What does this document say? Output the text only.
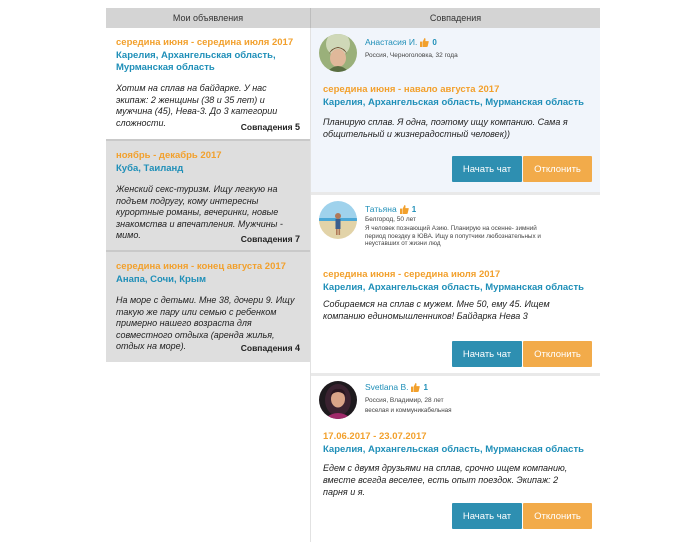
Мои объявления	Совпадения
середина июня - середина июля 2017
Карелия, Архангельская область, Мурманская область
Хотим на сплав на байдарке. У нас экипаж: 2 женщины (38 и 35 лет) и мужчина (45), Нева-3. До 3 категории сложности.	Совпадения 5
ноябрь - декабрь 2017
Куба, Таиланд
Женский секс-туризм. Ищу легкую на подъем подругу, кому интересны курортные романы, вечеринки, новые знакомства и впечатления. Мужчины - мимо.	Совпадения 7
середина июня - конец августа 2017
Анапа, Сочи, Крым
На море с детьми. Мне 38, дочери 9. Ищу такую же пару или семью с ребенком примерно нашего возраста для совместного отдыха (аренда жилья, отдых на море).	Совпадения 4
Анастасия И. 0
Россия, Черноголовка, 32 года
середина июня - навало августа 2017
Карелия, Архангельская область, Мурманская область
Планирую сплав. Я одна, поэтому ищу компанию. Сама я общительный и жизнерадостный человек))
Начать чат	Отклонить
Татьяна 1
Белгород, 50 лет
Я человек познающий Азию. Планирую на осенне- зимний период поездку в ЮВА. Ищу в попутчики любознательных и неуставших от жизни люд
середина июня - середина июля 2017
Карелия, Архангельская область, Мурманская область
Собираемся на сплав с мужем. Мне 50, ему 45. Ищем компанию единомышленников! Байдарка Нева 3
Начать чат	Отклонить
Svetlana B. 1
Россия, Владимир, 28 лет
веселая и коммуникабельная
17.06.2017 - 23.07.2017
Карелия, Архангельская область, Мурманская область
Едем с двумя друзьями на сплав, срочно ищем компанию, вместе всегда веселее, есть опыт поездок. Экипаж: 2 парня и я.
Начать чат	Отклонить
